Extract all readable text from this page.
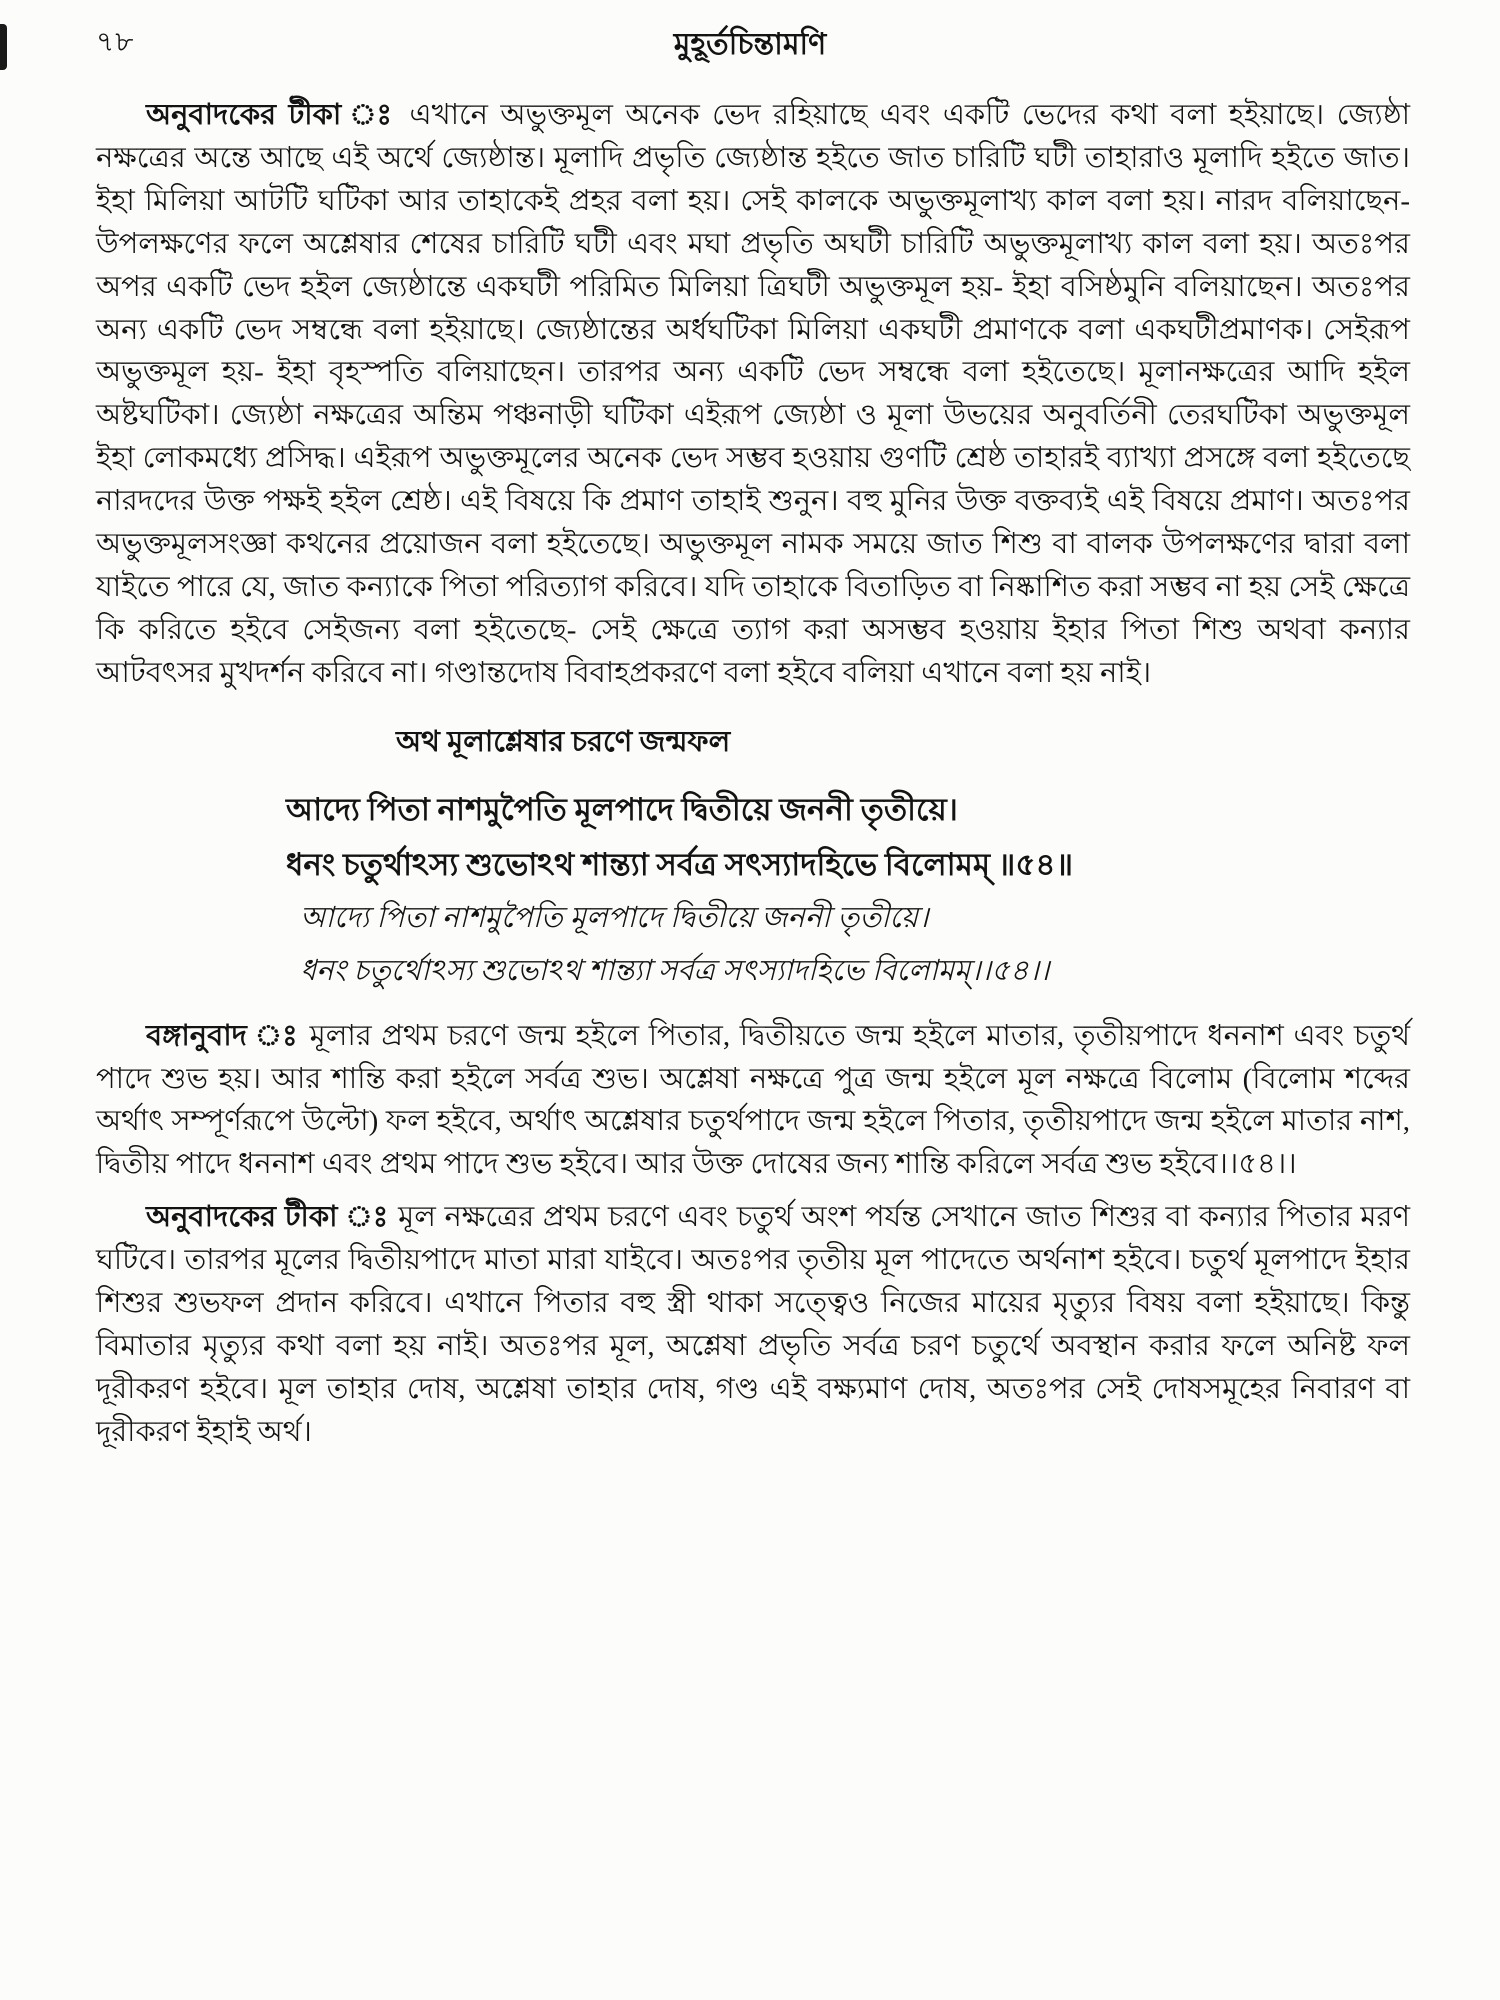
৭৮	মুহূর্তচিন্তামণি

অনুবাদকের টীকা ঃ এখানে অভুক্তমূল অনেক ভেদ রহিয়াছে এবং একটি ভেদের কথা বলা হইয়াছে। জ্যেষ্ঠা নক্ষত্রের অন্তে আছে এই অর্থে জ্যেষ্ঠান্ত। মূলাদি প্রভৃতি জ্যেষ্ঠান্ত হইতে জাত চারিটি ঘটী তাহারাও মূলাদি হইতে জাত। ইহা মিলিয়া আটটি ঘটিকা আর তাহাকেই প্রহর বলা হয়। সেই কালকে অভুক্তমূলাখ্য কাল বলা হয়। নারদ বলিয়াছেন- উপলক্ষণের ফলে অশ্লেষার শেষের চারিটি ঘটী এবং মঘা প্রভৃতি অঘটী চারিটি অভুক্তমূলাখ্য কাল বলা হয়। অতঃপর অপর একটি ভেদ হইল জ্যেষ্ঠান্তে একঘটী পরিমিত মিলিয়া ত্রিঘটী অভুক্তমূল হয়- ইহা বসিষ্ঠমুনি বলিয়াছেন। অতঃপর অন্য একটি ভেদ সম্বন্ধে বলা হইয়াছে। জ্যেষ্ঠান্তের অর্ধঘটিকা মিলিয়া একঘটী প্রমাণকে বলা একঘটীপ্রমাণক। সেইরূপ অভুক্তমূল হয়- ইহা বৃহস্পতি বলিয়াছেন। তারপর অন্য একটি ভেদ সম্বন্ধে বলা হইতেছে। মূলানক্ষত্রের আদি হইল অষ্টঘটিকা। জ্যেষ্ঠা নক্ষত্রের অন্তিম পঞ্চনাড়ী ঘটিকা এইরূপ জ্যেষ্ঠা ও মূলা উভয়ের অনুবর্তিনী তেরঘটিকা অভুক্তমূল ইহা লোকমধ্যে প্রসিদ্ধ। এইরূপ অভুক্তমূলের অনেক ভেদ সম্ভব হওয়ায় গুণটি শ্রেষ্ঠ তাহারই ব্যাখ্যা প্রসঙ্গে বলা হইতেছে নারদদের উক্ত পক্ষই হইল শ্রেষ্ঠ। এই বিষয়ে কি প্রমাণ তাহাই শুনুন। বহু মুনির উক্ত বক্তব্যই এই বিষয়ে প্রমাণ। অতঃপর অভুক্তমূলসংজ্ঞা কথনের প্রয়োজন বলা হইতেছে। অভুক্তমূল নামক সময়ে জাত শিশু বা বালক উপলক্ষণের দ্বারা বলা যাইতে পারে যে, জাত কন্যাকে পিতা পরিত্যাগ করিবে। যদি তাহাকে বিতাড়িত বা নিষ্কাশিত করা সম্ভব না হয় সেই ক্ষেত্রে কি করিতে হইবে সেইজন্য বলা হইতেছে- সেই ক্ষেত্রে ত্যাগ করা অসম্ভব হওয়ায় ইহার পিতা শিশু অথবা কন্যার আটবৎসর মুখদর্শন করিবে না। গণ্ডান্তদোষ বিবাহপ্রকরণে বলা হইবে বলিয়া এখানে বলা হয় নাই।

অথ মূলাশ্লেষার চরণে জন্মফল
আদ্যে পিতা নাশমুপৈতি মূলপাদে দ্বিতীয়ে জননী তৃতীয়ে।
ধনং চতুর্থাঽস্য শুভোঽথ শান্ত্যা সর্বত্র সৎস্যাদহিভে বিলোমম্ ॥৫৪॥
আদ্যে পিতা নাশমুপৈতি মূলপাদে দ্বিতীয়ে জননী তৃতীয়ে।
ধনং চতুর্থোঽস্য শুভোঽথ শান্ত্যা সর্বত্র সৎস্যাদহিভে বিলোমম্।।৫৪।।

বঙ্গানুবাদ ঃ মূলার প্রথম চরণে জন্ম হইলে পিতার, দ্বিতীয়তে জন্ম হইলে মাতার, তৃতীয়পাদে ধননাশ এবং চতুর্থ পাদে শুভ হয়। আর শান্তি করা হইলে সর্বত্র শুভ। অশ্লেষা নক্ষত্রে পুত্র জন্ম হইলে মূল নক্ষত্রে বিলোম (বিলোম শব্দের অর্থাৎ সম্পূর্ণরূপে উল্টো) ফল হইবে, অর্থাৎ অশ্লেষার চতুর্থপাদে জন্ম হইলে পিতার, তৃতীয়পাদে জন্ম হইলে মাতার নাশ, দ্বিতীয় পাদে ধননাশ এবং প্রথম পাদে শুভ হইবে। আর উক্ত দোষের জন্য শান্তি করিলে সর্বত্র শুভ হইবে।।৫৪।।

অনুবাদকের টীকা ঃ মূল নক্ষত্রের প্রথম চরণে এবং চতুর্থ অংশ পর্যন্ত সেখানে জাত শিশুর বা কন্যার পিতার মরণ ঘটিবে। তারপর মূলের দ্বিতীয়পাদে মাতা মারা যাইবে। অতঃপর তৃতীয় মূল পাদেতে অর্থনাশ হইবে। চতুর্থ মূলপাদে ইহার শিশুর শুভফল প্রদান করিবে। এখানে পিতার বহু স্ত্রী থাকা সত্ত্বেও নিজের মায়ের মৃত্যুর বিষয় বলা হইয়াছে। কিন্তু বিমাতার মৃত্যুর কথা বলা হয় নাই। অতঃপর মূল, অশ্লেষা প্রভৃতি সর্বত্র চরণ চতুর্থে অবস্থান করার ফলে অনিষ্ট ফল দূরীকরণ হইবে। মূল তাহার দোষ, অশ্লেষা তাহার দোষ, গণ্ড এই বক্ষ্যমাণ দোষ, অতঃপর সেই দোষসমূহের নিবারণ বা দূরীকরণ ইহাই অর্থ।
